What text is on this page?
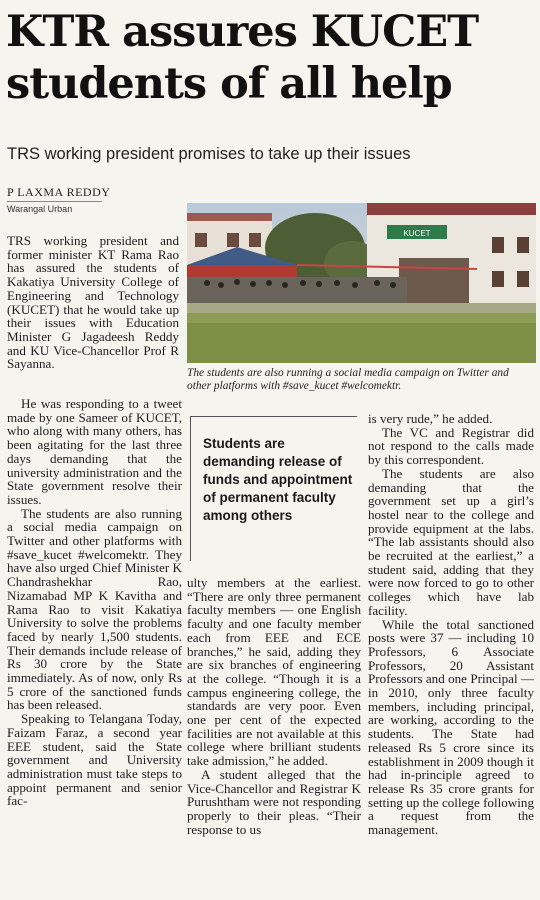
KTR assures KUCET students of all help

TRS working president promises to take up their issues

P LAXMA REDDY
Warangal Urban

TRS working president and former minister KT Rama Rao has assured the students of Kakatiya University College of Engineering and Technology (KUCET) that he would take up their issues with Education Minister G Jagadeesh Reddy and KU Vice-Chancellor Prof R Sayanna.

He was responding to a tweet made by one Sameer of KUCET, who along with many others, has been agitating for the last three days demanding that the university administration and the State government resolve their issues.

The students are also running a social media campaign on Twitter and other platforms with #save_kucet #welcomektr. They have also urged Chief Minister K Chandrashekhar Rao, Nizamabad MP K Kavitha and Rama Rao to visit Kakatiya University to solve the problems faced by nearly 1,500 students. Their demands include release of Rs 30 crore by the State immediately. As of now, only Rs 5 crore of the sanctioned funds has been released.

Speaking to Telangana Today, Faizam Faraz, a second year EEE student, said the State government and University administration must take steps to appoint permanent and senior fac-

KUCET

The students are also running a social media campaign on Twitter and other platforms with #save_kucet #welcomektr.

Students are demanding release of funds and appointment of permanent faculty among others

ulty members at the earliest. “There are only three permanent faculty members — one English faculty and one faculty member each from EEE and ECE branches,” he said, adding they are six branches of engineering at the college. “Though it is a campus engineering college, the standards are very poor. Even one per cent of the expected facilities are not available at this college where brilliant students take admission,” he added.

A student alleged that the Vice-Chancellor and Registrar K Purushtham were not responding properly to their pleas. “Their response to us

is very rude,” he added.

The VC and Registrar did not respond to the calls made by this correspondent.

The students are also demanding that the government set up a girl’s hostel near to the college and provide equipment at the labs. “The lab assistants should also be recruited at the earliest,” a student said, adding that they were now forced to go to other colleges which have lab facility.

While the total sanctioned posts were 37 — including 10 Professors, 6 Associate Professors, 20 Assistant Professors and one Principal — in 2010, only three faculty members, including principal, are working, according to the students. The State had released Rs 5 crore since its establishment in 2009 though it had in-principle agreed to release Rs 35 crore grants for setting up the college following a request from the management.
